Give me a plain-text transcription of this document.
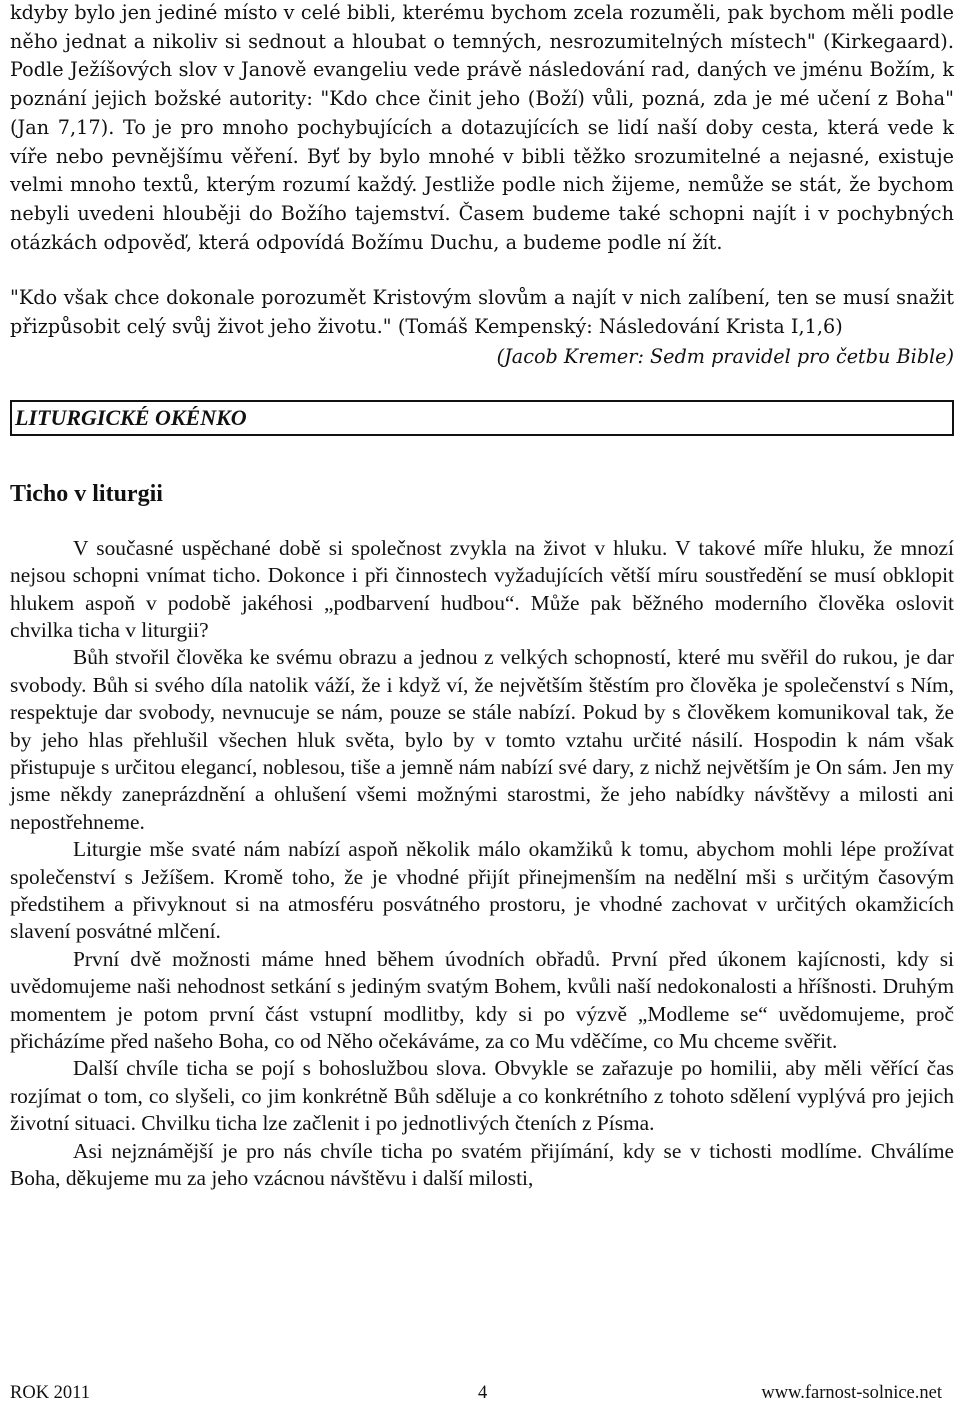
kdyby bylo jen jediné místo v celé bibli, kterému bychom zcela rozuměli, pak bychom měli podle něho jednat a nikoliv si sednout a hloubat o temných, nesrozumitelných místech" (Kirkegaard). Podle Ježíšových slov v Janově evangeliu vede právě následování rad, daných ve jménu Božím, k poznání jejich božské autority: "Kdo chce činit jeho (Boží) vůli, pozná, zda je mé učení z Boha" (Jan 7,17). To je pro mnoho pochybujících a dotazujících se lidí naší doby cesta, která vede k víře nebo pevnějšímu věření. Byť by bylo mnohé v bibli těžko srozumitelné a nejasné, existuje velmi mnoho textů, kterým rozumí každý. Jestliže podle nich žijeme, nemůže se stát, že bychom nebyli uvedeni hlouběji do Božího tajemství. Časem budeme také schopni najít i v pochybných otázkách odpověď, která odpovídá Božímu Duchu, a budeme podle ní žít.

"Kdo však chce dokonale porozumět Kristovým slovům a najít v nich zalíbení, ten se musí snažit přizpůsobit celý svůj život jeho životu." (Tomáš Kempenský: Následování Krista I,1,6)

(Jacob Kremer: Sedm pravidel pro četbu Bible)

LITURGICKÉ OKÉNKO
Ticho v liturgii

V současné uspěchané době si společnost zvykla na život v hluku. V takové míře hluku, že mnozí nejsou schopni vnímat ticho. Dokonce i při činnostech vyžadujících větší míru soustředění se musí obklopit hlukem aspoň v podobě jakéhosi „podbarvení hudbou“. Může pak běžného moderního člověka oslovit chvilka ticha v liturgii?

Bůh stvořil člověka ke svému obrazu a jednou z velkých schopností, které mu svěřil do rukou, je dar svobody. Bůh si svého díla natolik váží, že i když ví, že největším štěstím pro člověka je společenství s Ním, respektuje dar svobody, nevnucuje se nám, pouze se stále nabízí. Pokud by s člověkem komunikoval tak, že by jeho hlas přehlušil všechen hluk světa, bylo by v tomto vztahu určité násilí. Hospodin k nám však přistupuje s určitou elegancí, noblesou, tiše a jemně nám nabízí své dary, z nichž největším je On sám. Jen my jsme někdy zaneprázdnění a ohlušení všemi možnými starostmi, že jeho nabídky návštěvy a milosti ani nepostřehneme.

Liturgie mše svaté nám nabízí aspoň několik málo okamžiků k tomu, abychom mohli lépe prožívat společenství s Ježíšem. Kromě toho, že je vhodné přijít přinejmenším na nedělní mši s určitým časovým předstihem a přivyknout si na atmosféru posvátného prostoru, je vhodné zachovat v určitých okamžicích slavení posvátné mlčení.

První dvě možnosti máme hned během úvodních obřadů. První před úkonem kajícnosti, kdy si uvědomujeme naši nehodnost setkání s jediným svatým Bohem, kvůli naší nedokonalosti a hříšnosti. Druhým momentem je potom první část vstupní modlitby, kdy si po výzvě „Modleme se“ uvědomujeme, proč přicházíme před našeho Boha, co od Něho očekáváme, za co Mu vděčíme, co Mu chceme svěřit.

Další chvíle ticha se pojí s bohoslužbou slova. Obvykle se zařazuje po homilii, aby měli věřící čas rozjímat o tom, co slyšeli, co jim konkrétně Bůh sděluje a co konkrétního z tohoto sdělení vyplývá pro jejich životní situaci. Chvilku ticha lze začlenit i po jednotlivých čteních z Písma.

Asi nejznámější je pro nás chvíle ticha po svatém přijímání, kdy se v tichosti modlíme. Chválíme Boha, děkujeme mu za jeho vzácnou návštěvu i další milosti,

ROK 2011	4	www.farnost-solnice.net
